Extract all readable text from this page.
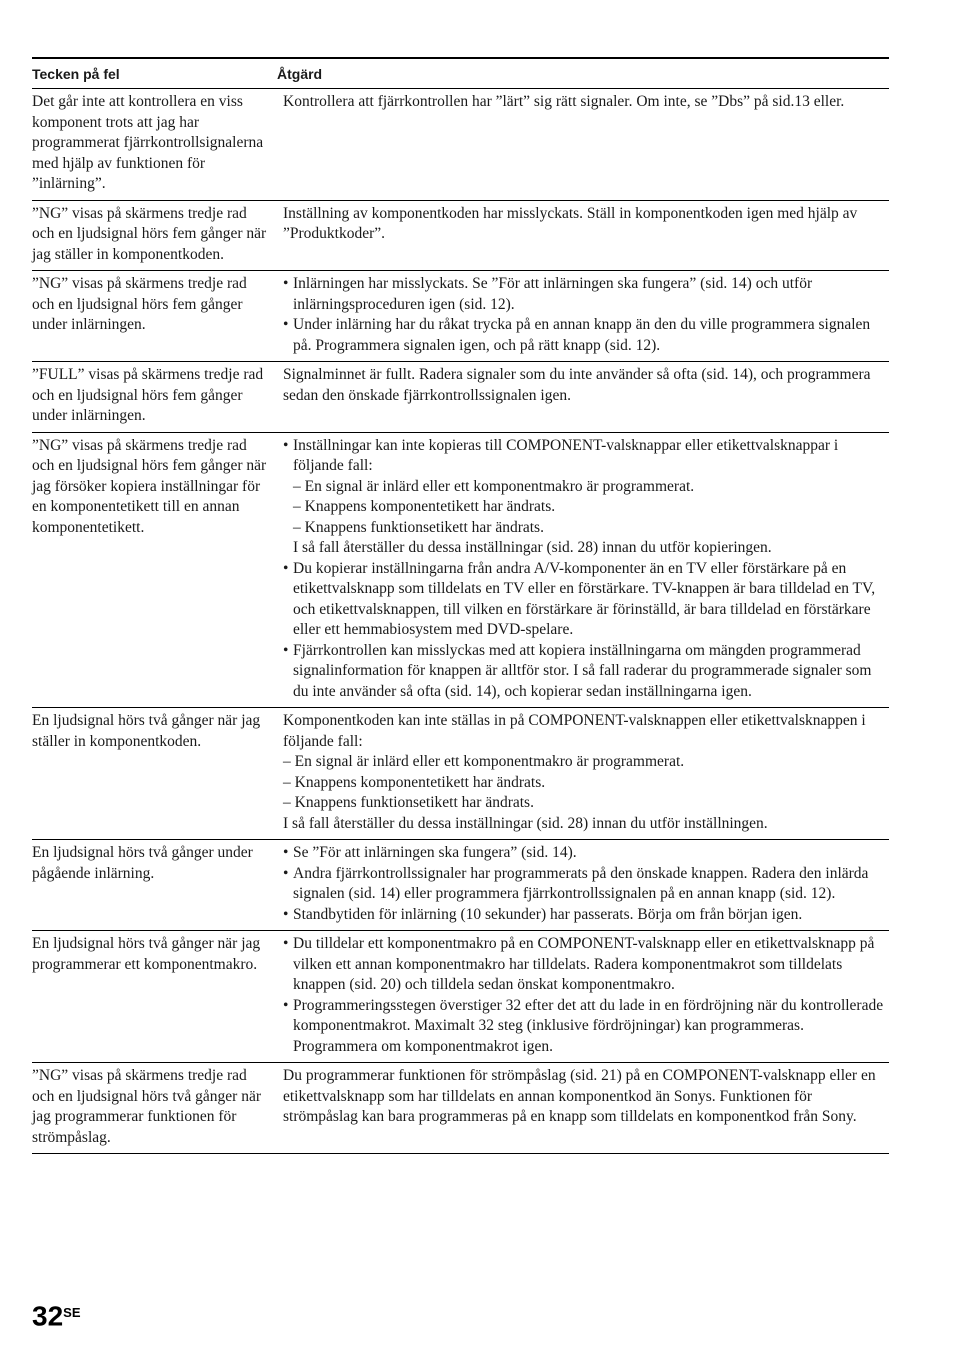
Tecken på fel	Åtgärd
Det går inte att kontrollera en viss komponent trots att jag har programmerat fjärrkontrollsignalerna med hjälp av funktionen för ”inlärning”.
Kontrollera att fjärrkontrollen har ”lärt” sig rätt signaler. Om inte, se ”Dbs” på sid.13 eller.
”NG” visas på skärmens tredje rad och en ljudsignal hörs fem gånger när jag ställer in komponentkoden.
Inställning av komponentkoden har misslyckats. Ställ in komponentkoden igen med hjälp av ”Produktkoder”.
”NG” visas på skärmens tredje rad och en ljudsignal hörs fem gånger under inlärningen.
• Inlärningen har misslyckats. Se ”För att inlärningen ska fungera” (sid. 14) och utför inlärningsproceduren igen (sid. 12).
• Under inlärning har du råkat trycka på en annan knapp än den du ville programmera signalen på. Programmera signalen igen, och på rätt knapp (sid. 12).
”FULL” visas på skärmens tredje rad och en ljudsignal hörs fem gånger under inlärningen.
Signalminnet är fullt. Radera signaler som du inte använder så ofta (sid. 14), och programmera sedan den önskade fjärrkontrollssignalen igen.
”NG” visas på skärmens tredje rad och en ljudsignal hörs fem gånger när jag försöker kopiera inställningar för en komponentetikett till en annan komponentetikett.
• Inställningar kan inte kopieras till COMPONENT-valsknappar eller etikettvalsknappar i följande fall:
– En signal är inlärd eller ett komponentmakro är programmerat.
– Knappens komponentetikett har ändrats.
– Knappens funktionsetikett har ändrats.
I så fall återställer du dessa inställningar (sid. 28) innan du utför kopieringen.
• Du kopierar inställningarna från andra A/V-komponenter än en TV eller förstärkare på en etikettvalsknapp som tilldelats en TV eller en förstärkare. TV-knappen är bara tilldelad en TV, och etikettvalsknappen, till vilken en förstärkare är förinställd, är bara tilldelad en förstärkare eller ett hemmabiosystem med DVD-spelare.
• Fjärrkontrollen kan misslyckas med att kopiera inställningarna om mängden programmerad signalinformation för knappen är alltför stor. I så fall raderar du programmerade signaler som du inte använder så ofta (sid. 14), och kopierar sedan inställningarna igen.
En ljudsignal hörs två gånger när jag ställer in komponentkoden.
Komponentkoden kan inte ställas in på COMPONENT-valsknappen eller etikettvalsknappen i följande fall:
– En signal är inlärd eller ett komponentmakro är programmerat.
– Knappens komponentetikett har ändrats.
– Knappens funktionsetikett har ändrats.
I så fall återställer du dessa inställningar (sid. 28) innan du utför inställningen.
En ljudsignal hörs två gånger under pågående inlärning.
• Se ”För att inlärningen ska fungera” (sid. 14).
• Andra fjärrkontrollssignaler har programmerats på den önskade knappen. Radera den inlärda signalen (sid. 14) eller programmera fjärrkontrollssignalen på en annan knapp (sid. 12).
• Standbytiden för inlärning (10 sekunder) har passerats. Börja om från början igen.
En ljudsignal hörs två gånger när jag programmerar ett komponentmakro.
• Du tilldelar ett komponentmakro på en COMPONENT-valsknapp eller en etikettvalsknapp på vilken ett annan komponentmakro har tilldelats. Radera komponentmakrot som tilldelats knappen (sid. 20) och tilldela sedan önskat komponentmakro.
• Programmeringsstegen överstiger 32 efter det att du lade in en fördröjning när du kontrollerade komponentmakrot. Maximalt 32 steg (inklusive fördröjningar) kan programmeras. Programmera om komponentmakrot igen.
”NG” visas på skärmens tredje rad och en ljudsignal hörs två gånger när jag programmerar funktionen för strömpåslag.
Du programmerar funktionen för strömpåslag (sid. 21) på en COMPONENT-valsknapp eller en etikettvalsknapp som har tilldelats en annan komponentkod än Sonys. Funktionen för strömpåslag kan bara programmeras på en knapp som tilldelats en komponentkod från Sony.
$32^{SE}$
